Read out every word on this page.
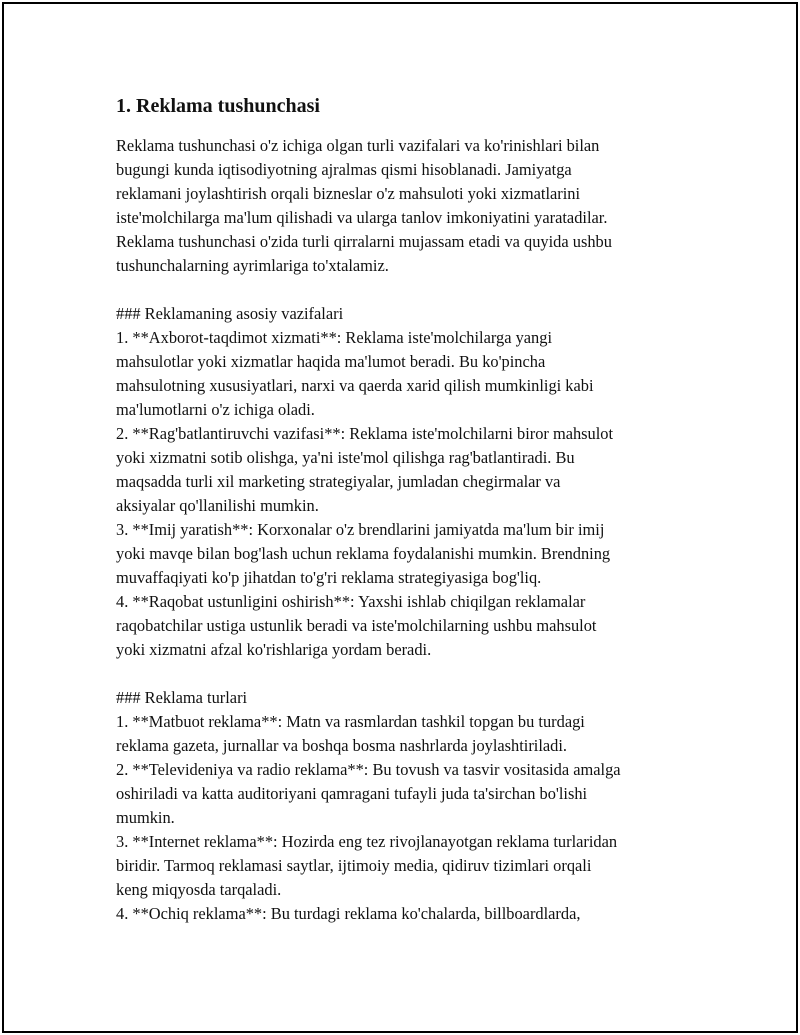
1. Reklama tushunchasi

Reklama tushunchasi o'z ichiga olgan turli vazifalari va ko'rinishlari bilan
bugungi kunda iqtisodiyotning ajralmas qismi hisoblanadi. Jamiyatga
reklamani joylashtirish orqali bizneslar o'z mahsuloti yoki xizmatlarini
iste'molchilarga ma'lum qilishadi va ularga tanlov imkoniyatini yaratadilar.
Reklama tushunchasi o'zida turli qirralarni mujassam etadi va quyida ushbu
tushunchalarning ayrimlariga to'xtalamiz.

### Reklamaning asosiy vazifalari
1. **Axborot-taqdimot xizmati**: Reklama iste'molchilarga yangi
mahsulotlar yoki xizmatlar haqida ma'lumot beradi. Bu ko'pincha
mahsulotning xususiyatlari, narxi va qaerda xarid qilish mumkinligi kabi
ma'lumotlarni o'z ichiga oladi.
2. **Rag'batlantiruvchi vazifasi**: Reklama iste'molchilarni biror mahsulot
yoki xizmatni sotib olishga, ya'ni iste'mol qilishga rag'batlantiradi. Bu
maqsadda turli xil marketing strategiyalar, jumladan chegirmalar va
aksiyalar qo'llanilishi mumkin.
3. **Imij yaratish**: Korxonalar o'z brendlarini jamiyatda ma'lum bir imij
yoki mavqe bilan bog'lash uchun reklama foydalanishi mumkin. Brendning
muvaffaqiyati ko'p jihatdan to'g'ri reklama strategiyasiga bog'liq.
4. **Raqobat ustunligini oshirish**: Yaxshi ishlab chiqilgan reklamalar
raqobatchilar ustiga ustunlik beradi va iste'molchilarning ushbu mahsulot
yoki xizmatni afzal ko'rishlariga yordam beradi.

### Reklama turlari
1. **Matbuot reklama**: Matn va rasmlardan tashkil topgan bu turdagi
reklama gazeta, jurnallar va boshqa bosma nashrlarda joylashtiriladi.
2. **Televideniya va radio reklama**: Bu tovush va tasvir vositasida amalga
oshiriladi va katta auditoriyani qamragani tufayli juda ta'sirchan bo'lishi
mumkin.
3. **Internet reklama**: Hozirda eng tez rivojlanayotgan reklama turlaridan
biridir. Tarmoq reklamasi saytlar, ijtimoiy media, qidiruv tizimlari orqali
keng miqyosda tarqaladi.
4. **Ochiq reklama**: Bu turdagi reklama ko'chalarda, billboardlarda,
